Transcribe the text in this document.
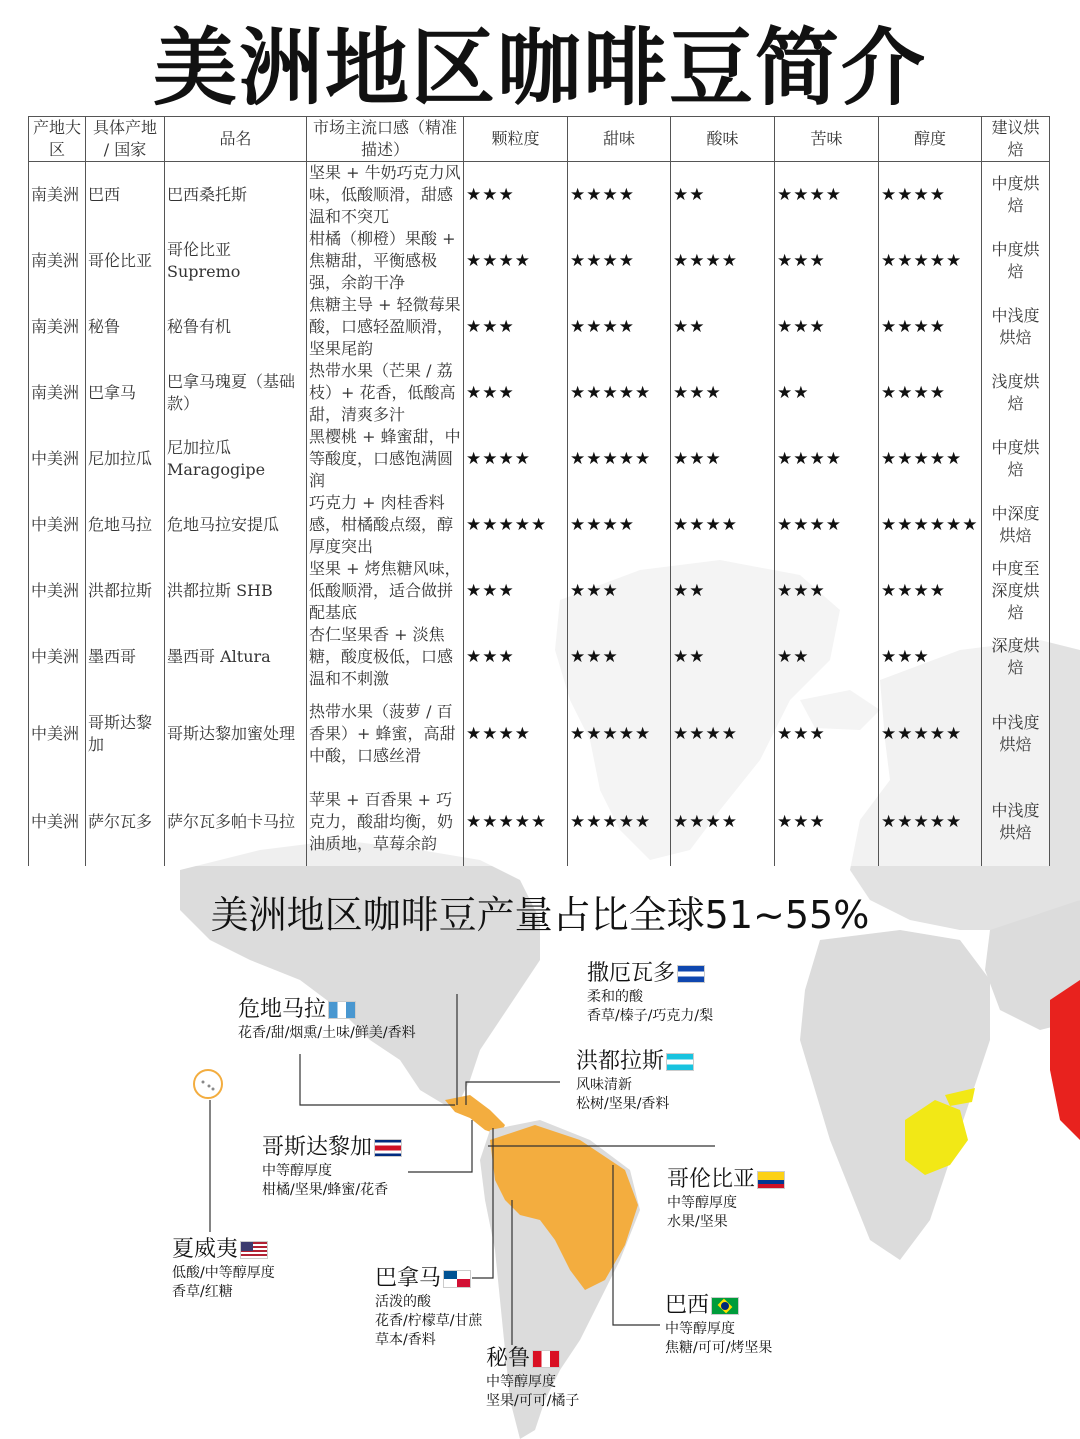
美洲地区咖啡豆简介
产地大区	具体产地 / 国家	品名	市场主流口感（精准描述）	颗粒度	甜味	酸味	苦味	醇度	建议烘焙
南美洲	巴西	巴西桑托斯	坚果 + 牛奶巧克力风味，低酸顺滑，甜感温和不突兀	★★★	★★★★	★★	★★★★	★★★★	中度烘焙
南美洲	哥伦比亚	哥伦比亚 Supremo	柑橘（柳橙）果酸 + 焦糖甜，平衡感极强，余韵干净	★★★★	★★★★	★★★★	★★★	★★★★★	中度烘焙
南美洲	秘鲁	秘鲁有机	焦糖主导 + 轻微莓果酸，口感轻盈顺滑，坚果尾韵	★★★	★★★★	★★	★★★	★★★★	中浅度烘焙
南美洲	巴拿马	巴拿马瑰夏（基础款）	热带水果（芒果 / 荔枝）+ 花香，低酸高甜，清爽多汁	★★★	★★★★★	★★★	★★	★★★★	浅度烘焙
中美洲	尼加拉瓜	尼加拉瓜 Maragogipe	黑樱桃 + 蜂蜜甜，中等酸度，口感饱满圆润	★★★★	★★★★★	★★★	★★★★	★★★★★	中度烘焙
中美洲	危地马拉	危地马拉安提瓜	巧克力 + 肉桂香料感，柑橘酸点缀，醇厚度突出	★★★★★	★★★★	★★★★	★★★★	★★★★★★	中深度烘焙
中美洲	洪都拉斯	洪都拉斯 SHB	坚果 + 烤焦糖风味，低酸顺滑，适合做拼配基底	★★★	★★★	★★	★★★	★★★★	中度至深度烘焙
中美洲	墨西哥	墨西哥 Altura	杏仁坚果香 + 淡焦糖，酸度极低，口感温和不刺激	★★★	★★★	★★	★★	★★★	深度烘焙
中美洲	哥斯达黎加	哥斯达黎加蜜处理	热带水果（菠萝 / 百香果）+ 蜂蜜，高甜中酸，口感丝滑	★★★★	★★★★★	★★★★	★★★	★★★★★	中浅度烘焙
中美洲	萨尔瓦多	萨尔瓦多帕卡马拉	苹果 + 百香果 + 巧克力，酸甜均衡，奶油质地，草莓余韵	★★★★★	★★★★★	★★★★	★★★	★★★★★	中浅度烘焙
美洲地区咖啡豆产量占比全球51~55%
危地马拉
花香/甜/烟熏/土味/鲜美/香料
撒厄瓦多
柔和的酸
香草/榛子/巧克力/梨
洪都拉斯
风味清新
松树/坚果/香料
哥斯达黎加
中等醇厚度
柑橘/坚果/蜂蜜/花香	哥伦比亚
中等醇厚度
水果/坚果
夏威夷
低酸/中等醇厚度
香草/红糖
巴拿马
活泼的酸
花香/柠檬草/甘蔗
草本/香料
巴西
中等醇厚度
焦糖/可可/烤坚果
秘鲁
中等醇厚度
坚果/可可/橘子
